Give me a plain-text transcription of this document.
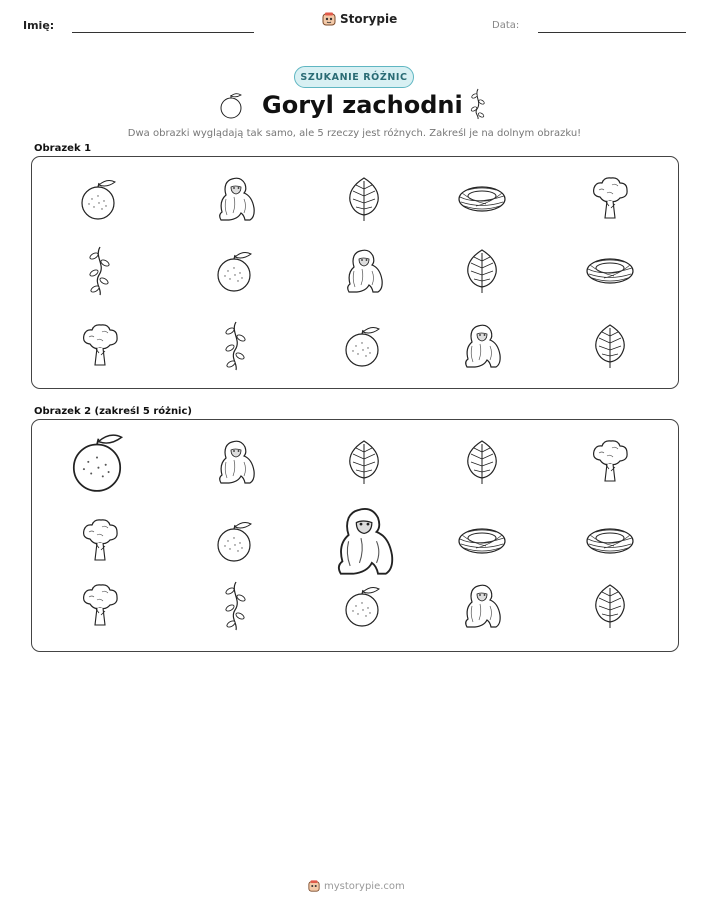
Imię:	Storypie	Data:
SZUKANIE RÓŻNIC
Goryl zachodni
Dwa obrazki wyglądają tak samo, ale 5 rzeczy jest różnych. Zakreśl je na dolnym obrazku!
Obrazek 1
Obrazek 2 (zakreśl 5 różnic)
mystorypie.com
